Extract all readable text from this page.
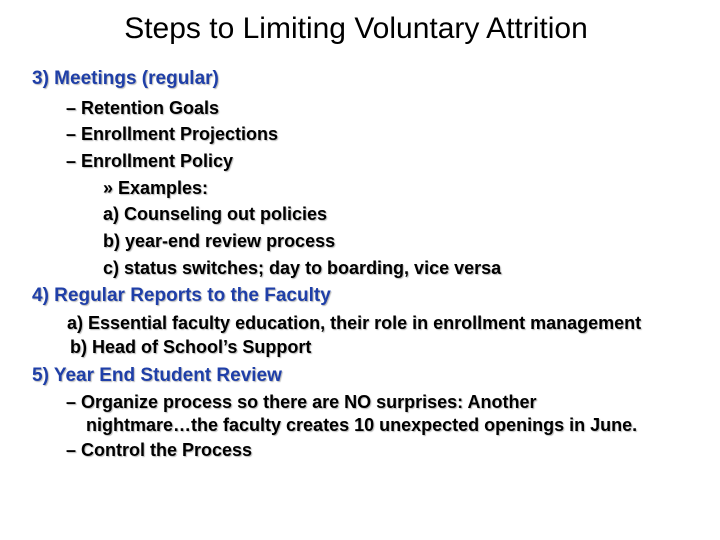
Steps to Limiting Voluntary Attrition
3) Meetings (regular)
– Retention Goals
– Enrollment Projections
– Enrollment Policy
» Examples:
a) Counseling out policies
b) year-end review process
c) status switches; day to boarding, vice versa
4) Regular Reports to the Faculty
a) Essential faculty education, their role in enrollment management
b) Head of School’s Support
5) Year End Student Review
– Organize process so there are NO surprises: Another
nightmare…the faculty creates 10 unexpected openings in June.
– Control the Process
